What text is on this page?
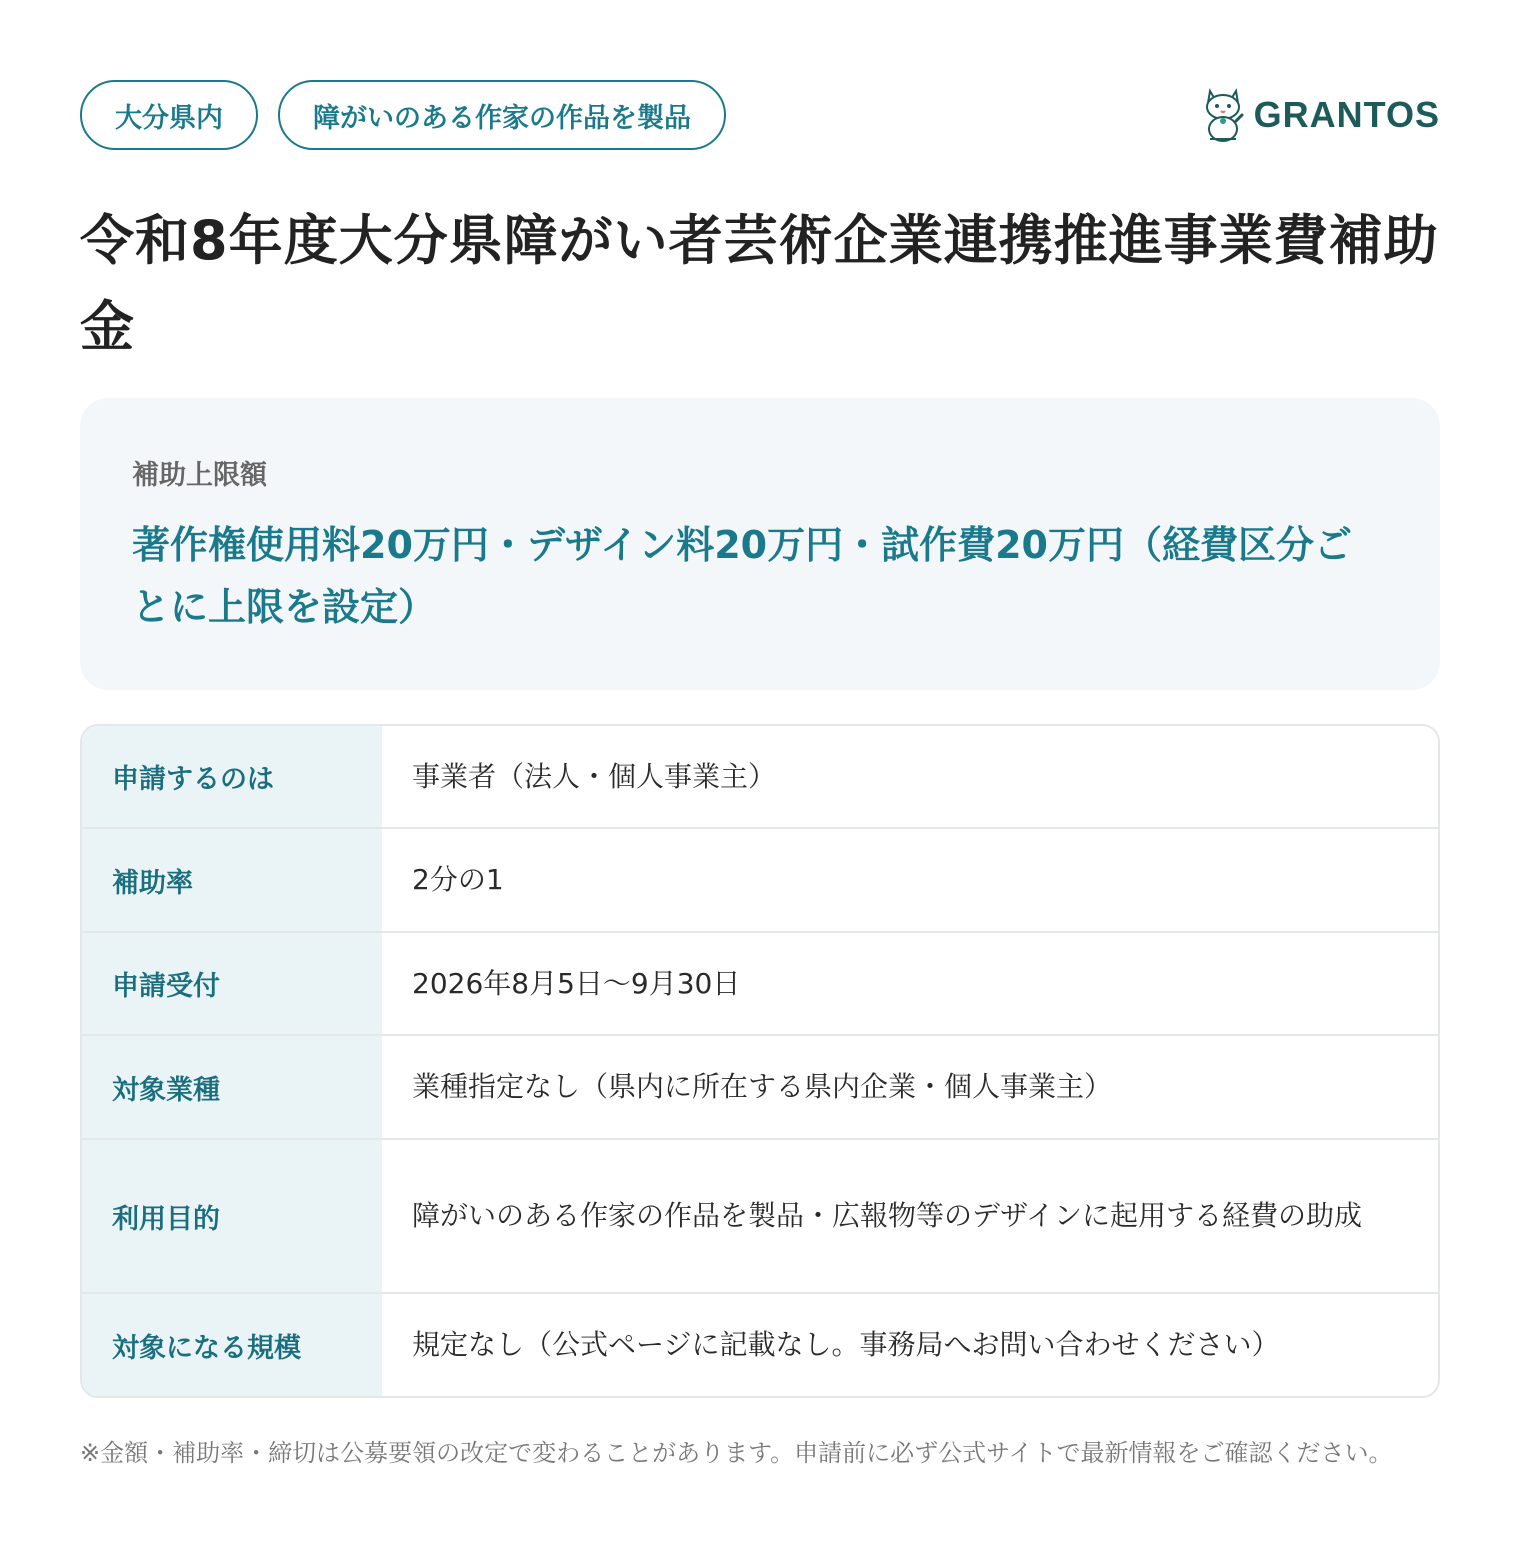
大分県内	障がいのある作家の作品を製品	GRANTOS
令和8年度大分県障がい者芸術企業連携推進事業費補助金
補助上限額
著作権使用料20万円・デザイン料20万円・試作費20万円（経費区分ごとに上限を設定）
申請するのは	事業者（法人・個人事業主）
補助率	2分の1
申請受付	2026年8月5日～9月30日
対象業種	業種指定なし（県内に所在する県内企業・個人事業主）
利用目的	障がいのある作家の作品を製品・広報物等のデザインに起用する経費の助成
対象になる規模	規定なし（公式ページに記載なし。事務局へお問い合わせください）

※金額・補助率・締切は公募要領の改定で変わることがあります。申請前に必ず公式サイトで最新情報をご確認ください。
